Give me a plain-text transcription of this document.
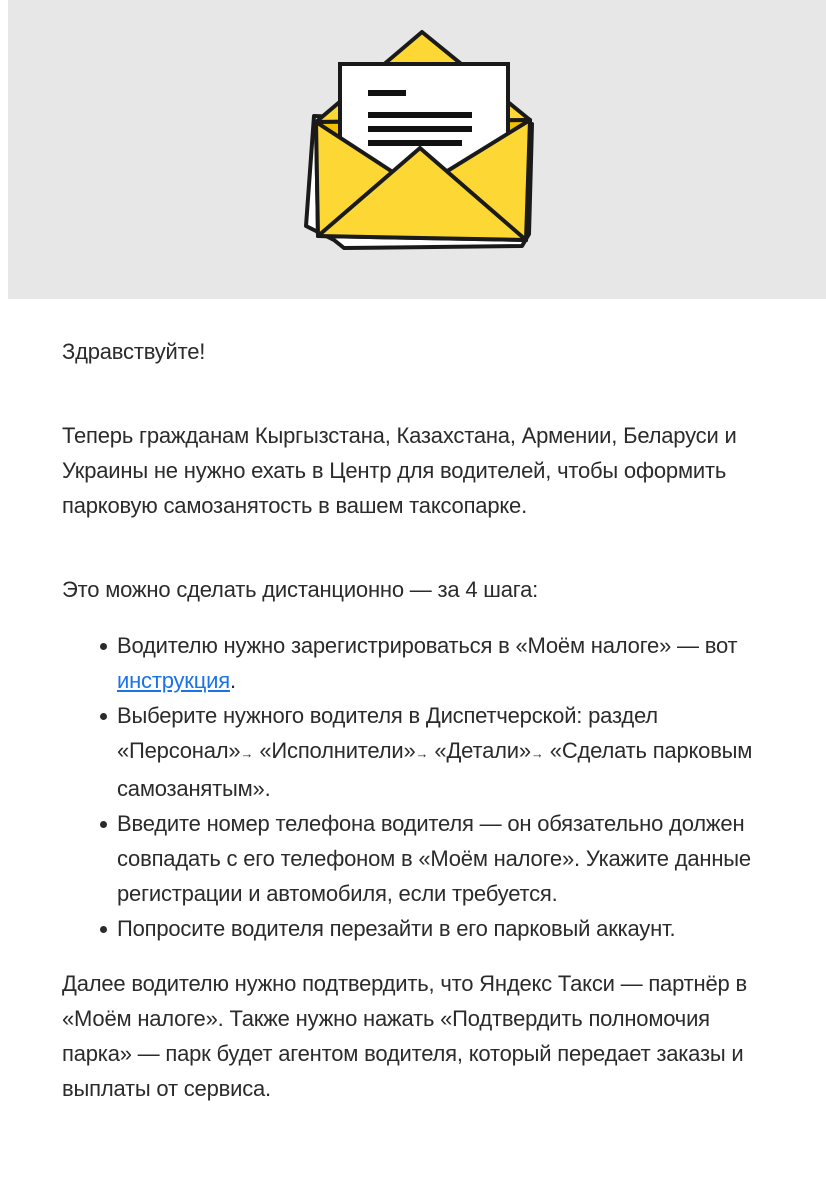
Здравствуйте!

Теперь гражданам Кыргызстана, Казахстана, Армении, Беларуси и Украины не нужно ехать в Центр для водителей, чтобы оформить парковую самозанятость в вашем таксопарке.

Это можно сделать дистанционно — за 4 шага:

Водителю нужно зарегистрироваться в «Моём налоге» — вот инструкция.
Выберите нужного водителя в Диспетчерской: раздел «Персонал»→ «Исполнители»→ «Детали»→ «Сделать парковым самозанятым».
Введите номер телефона водителя — он обязательно должен совпадать с его телефоном в «Моём налоге». Укажите данные регистрации и автомобиля, если требуется.
Попросите водителя перезайти в его парковый аккаунт.

Далее водителю нужно подтвердить, что Яндекс Такси — партнёр в «Моём налоге». Также нужно нажать «Подтвердить полномочия парка» — парк будет агентом водителя, который передает заказы и выплаты от сервиса.
